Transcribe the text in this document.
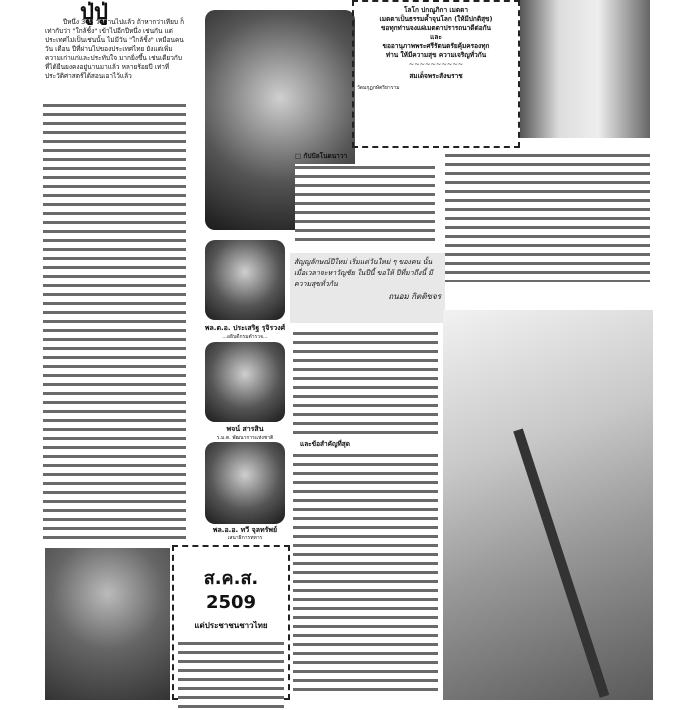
ปู่ปู่
ปีหนึ่ง 365 วันผ่านไปแล้ว ถ้าหากว่าเทียบ ก็เท่ากับว่า "ใกล้ชิ้ง" เข้าไปอีกปีหนึ่ง เช่นกัน แต่ประเทศไม่เป็นเช่นนั้น ไม่มีวัน "ใกล้ชิ้ง" เหมือนคน วัน เดือน ปีที่ผ่านไปของประเทศไทย ยังแต่เพิ่มความเก่าแก่และประทับใจ มากยิ่งขึ้น เช่นเดียวกับที่ได้ยืนยงคงอยู่นานมาแล้ว หลายร้อยปี เท่าที่ประวัติศาสตร์ได้สอนเอาไว้แล้ว
โลโก ปกณูภิกา เมตตา
เมตตาเป็นธรรมค้ำจุนโลก (ให้มีปกติสุข)
ขอทุกท่านจงแผ่เมตตาปรารถนาดีต่อกัน
และ
ขออานุภาพพระศรีรัตนตรัยคุ้มครองทุก
ท่าน ให้มีความสุข ความเจริญทั่วกัน
~~~~~~~~~~
สมเด็จพระสังฆราช
วัดมกุฏกษัตริยาราม
พล.ต.อ. ประเสริฐ รุจิรวงศ์
...อธิบดีกรมตำรวจ...
พจน์ สารสิน
ร.ม.ต. พัฒนาการแห่งชาติ
พล.อ.อ. ทวี จุลทรัพย์
เสนาธิการทหาร
□ กัปปัลโนดนาวา
สัญญลักษณ์ปีใหม่ เริ่มแต่วันใหม่ ๆ ของคน นั้นเมื่อเวลาจะหาวัญชัย ในปีนี้ ขอให้ ปีที่มาถึงนี้ มีความสุขทั่วกัน
ถนอม กิตติขจร
และข้อสำคัญที่สุด
ส.ค.ส. 2509
แด่ประชาชนชาวไทย
